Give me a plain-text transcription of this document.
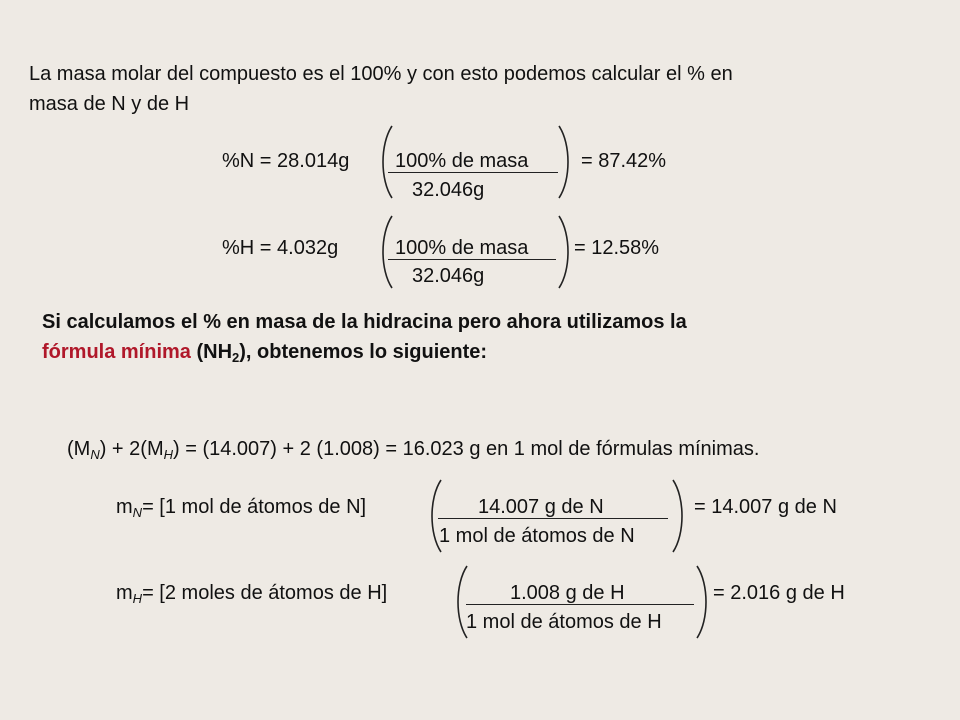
La masa molar del compuesto es el 100% y con esto podemos calcular el % en
masa de N y de H
%N = 28.014g 100% de masa
32.046g
= 87.42%
%H = 4.032g	100% de masa
32.046g
= 12.58%
Si calculamos el % en masa de la hidracina pero ahora utilizamos la
fórmula mínima $(NH_2)$, obtenemos lo siguiente:
$(M_N) + 2(M_H) = (14.007) + 2$ (1.008) = 16.023 g en 1 mol de fórmulas mínimas.
$m_N= [1$ mol de átomos de N]	14.007 g de N
1 mol de átomos de N
= 14.007 g de N
$m_H= [2$ moles de átomos de H]	1.008 g de H
1 mol de átomos de H
= 2.016 g de H
